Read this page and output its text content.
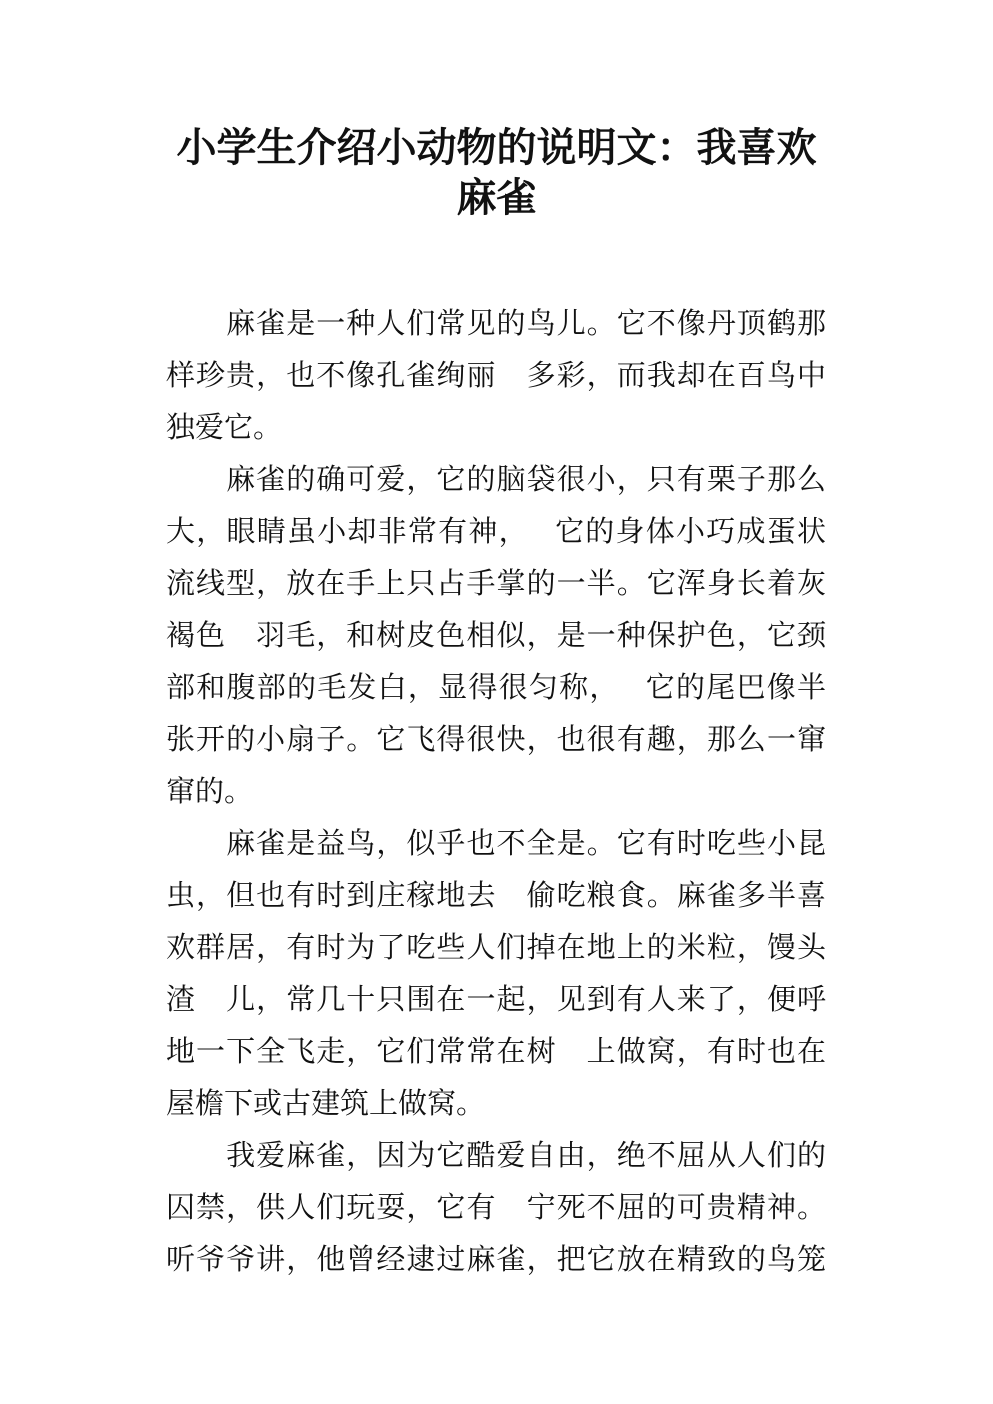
小学生介绍小动物的说明文：我喜欢
麻雀
　　麻雀是一种人们常见的鸟儿。它不像丹顶鹤那
样珍贵，也不像孔雀绚丽　多彩，而我却在百鸟中
独爱它。
　　麻雀的确可爱，它的脑袋很小，只有栗子那么
大，眼睛虽小却非常有神，　 它的身体小巧成蛋状
流线型，放在手上只占手掌的一半。它浑身长着灰
褐色　羽毛，和树皮色相似，是一种保护色，它颈
部和腹部的毛发白，显得很匀称，　 它的尾巴像半
张开的小扇子。它飞得很快，也很有趣，那么一窜
窜的。
　　麻雀是益鸟，似乎也不全是。它有时吃些小昆
虫，但也有时到庄稼地去　偷吃粮食。麻雀多半喜
欢群居，有时为了吃些人们掉在地上的米粒，馒头
渣　儿，常几十只围在一起，见到有人来了，便呼
地一下全飞走，它们常常在树　上做窝，有时也在
屋檐下或古建筑上做窝。
　　我爱麻雀，因为它酷爱自由，绝不屈从人们的
囚禁，供人们玩耍，它有　宁死不屈的可贵精神。
听爷爷讲，他曾经逮过麻雀，把它放在精致的鸟笼
